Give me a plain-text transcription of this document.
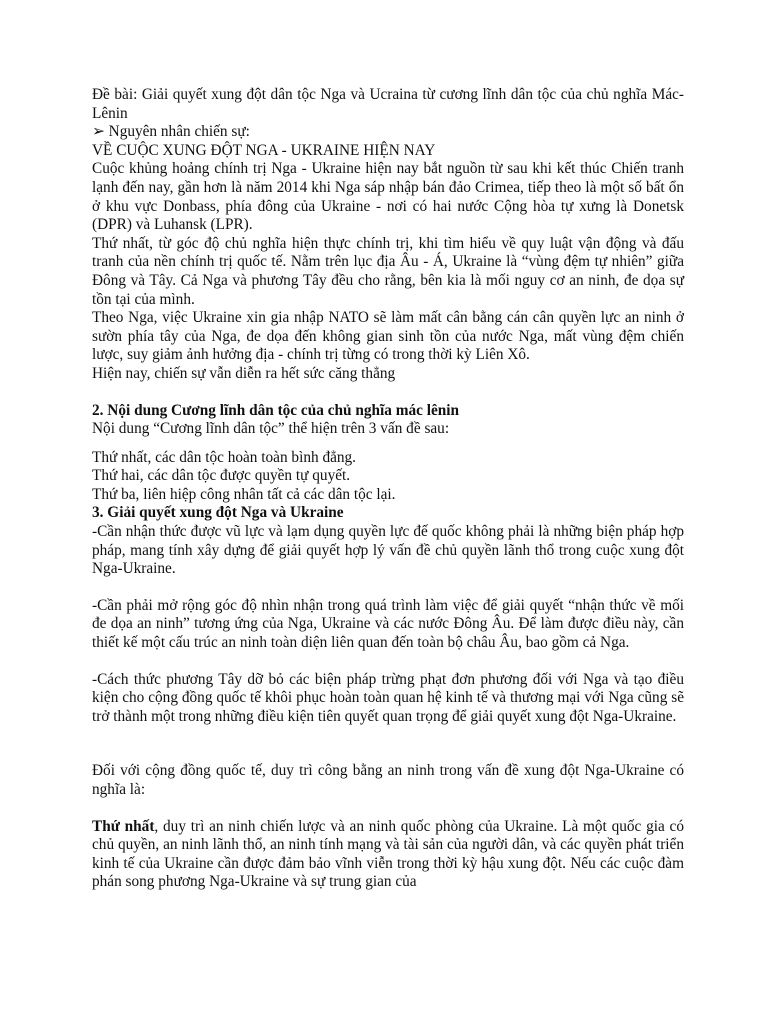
Đề bài: Giải quyết xung đột dân tộc Nga và Ucraina từ cương lĩnh dân tộc của chủ nghĩa Mác-Lênin

➢ Nguyên nhân chiến sự:

VỀ CUỘC XUNG ĐỘT NGA - UKRAINE HIỆN NAY

Cuộc khủng hoảng chính trị Nga - Ukraine hiện nay bắt nguồn từ sau khi kết thúc Chiến tranh lạnh đến nay, gần hơn là năm 2014 khi Nga sáp nhập bán đảo Crimea, tiếp theo là một số bất ổn ở khu vực Donbass, phía đông của Ukraine - nơi có hai nước Cộng hòa tự xưng là Donetsk (DPR) và Luhansk (LPR).

Thứ nhất, từ góc độ chủ nghĩa hiện thực chính trị, khi tìm hiểu về quy luật vận động và đấu tranh của nền chính trị quốc tế. Nằm trên lục địa Âu - Á, Ukraine là “vùng đệm tự nhiên” giữa Đông và Tây. Cả Nga và phương Tây đều cho rằng, bên kia là mối nguy cơ an ninh, đe dọa sự tồn tại của mình.

Theo Nga, việc Ukraine xin gia nhập NATO sẽ làm mất cân bằng cán cân quyền lực an ninh ở sườn phía tây của Nga, đe dọa đến không gian sinh tồn của nước Nga, mất vùng đệm chiến lược, suy giảm ảnh hưởng địa - chính trị từng có trong thời kỳ Liên Xô.

Hiện nay, chiến sự vẫn diễn ra hết sức căng thẳng

2. Nội dung Cương lĩnh dân tộc của chủ nghĩa mác lênin

Nội dung “Cương lĩnh dân tộc” thể hiện trên 3 vấn đề sau:

Thứ nhất, các dân tộc hoàn toàn bình đẳng.

Thứ hai, các dân tộc được quyền tự quyết.

Thứ ba, liên hiệp công nhân tất cả các dân tộc lại.

3. Giải quyết xung đột Nga và Ukraine

-Cần nhận thức được vũ lực và lạm dụng quyền lực đế quốc không phải là những biện pháp hợp pháp, mang tính xây dựng để giải quyết hợp lý vấn đề chủ quyền lãnh thổ trong cuộc xung đột Nga-Ukraine.

-Cần phải mở rộng góc độ nhìn nhận trong quá trình làm việc để giải quyết “nhận thức về mối đe dọa an ninh” tương ứng của Nga, Ukraine và các nước Đông Âu. Để làm được điều này, cần thiết kế một cấu trúc an ninh toàn diện liên quan đến toàn bộ châu Âu, bao gồm cả Nga.

-Cách thức phương Tây dỡ bỏ các biện pháp trừng phạt đơn phương đối với Nga và tạo điều kiện cho cộng đồng quốc tế khôi phục hoàn toàn quan hệ kinh tế và thương mại với Nga cũng sẽ trở thành một trong những điều kiện tiên quyết quan trọng để giải quyết xung đột Nga-Ukraine.

Đối với cộng đồng quốc tế, duy trì công bằng an ninh trong vấn đề xung đột Nga-Ukraine có nghĩa là:

Thứ nhất, duy trì an ninh chiến lược và an ninh quốc phòng của Ukraine. Là một quốc gia có chủ quyền, an ninh lãnh thổ, an ninh tính mạng và tài sản của người dân, và các quyền phát triển kinh tế của Ukraine cần được đảm bảo vĩnh viễn trong thời kỳ hậu xung đột. Nếu các cuộc đàm phán song phương Nga-Ukraine và sự trung gian của
